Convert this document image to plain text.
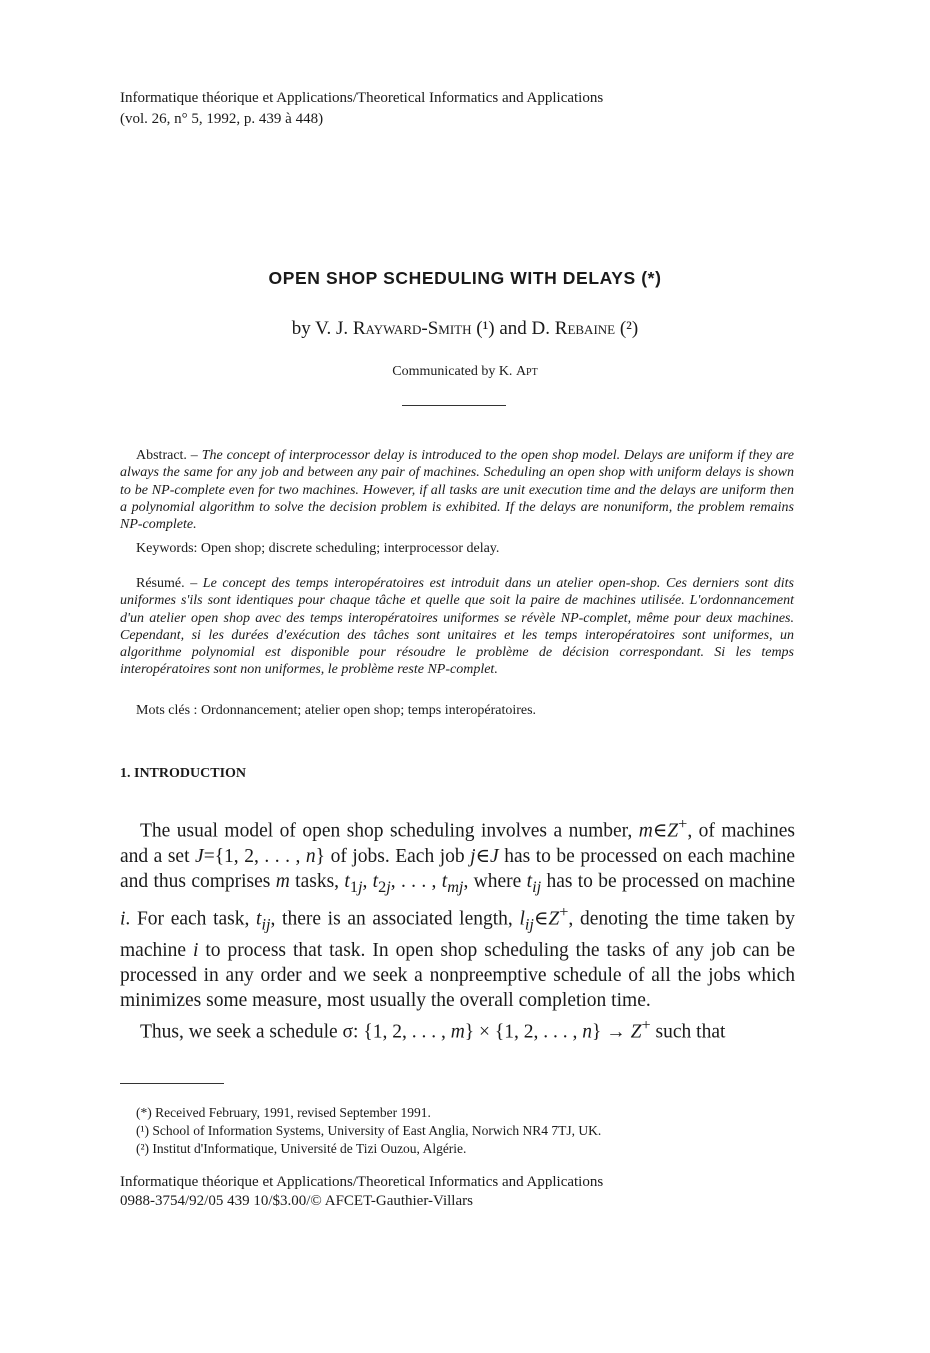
Informatique théorique et Applications/Theoretical Informatics and Applications
(vol. 26, n° 5, 1992, p. 439 à 448)
OPEN SHOP SCHEDULING WITH DELAYS (*)
by V. J. Rayward-Smith (¹) and D. Rebaine (²)
Communicated by K. Apt
Abstract. – The concept of interprocessor delay is introduced to the open shop model. Delays are uniform if they are always the same for any job and between any pair of machines. Scheduling an open shop with uniform delays is shown to be NP-complete even for two machines. However, if all tasks are unit execution time and the delays are uniform then a polynomial algorithm to solve the decision problem is exhibited. If the delays are nonuniform, the problem remains NP-complete.
Keywords: Open shop; discrete scheduling; interprocessor delay.
Résumé. – Le concept des temps interopératoires est introduit dans un atelier open-shop. Ces derniers sont dits uniformes s'ils sont identiques pour chaque tâche et quelle que soit la paire de machines utilisée. L'ordonnancement d'un atelier open shop avec des temps interopératoires uniformes se révèle NP-complet, même pour deux machines. Cependant, si les durées d'exécution des tâches sont unitaires et les temps interopératoires sont uniformes, un algorithme polynomial est disponible pour résoudre le problème de décision correspondant. Si les temps interopératoires sont non uniformes, le problème reste NP-complet.
Mots clés : Ordonnancement; atelier open shop; temps interopératoires.
1. INTRODUCTION

The usual model of open shop scheduling involves a number, m∈Z+, of machines and a set J={1, 2, . . . , n} of jobs. Each job j∈J has to be processed on each machine and thus comprises m tasks, $t_{1j}$, $t_{2j}$, . . . , $t_{mj}$, where $t_{ij}$ has to be processed on machine i. For each task, $t_{ij}$, there is an associated length, $l_{ij}\in Z^+$, denoting the time taken by machine i to process that task. In open shop scheduling the tasks of any job can be processed in any order and we seek a nonpreemptive schedule of all the jobs which minimizes some measure, most usually the overall completion time.

Thus, we seek a schedule σ: {1, 2, . . . , m} × {1, 2, . . . , n} → Z+ such that

(*) Received February, 1991, revised September 1991.
(¹) School of Information Systems, University of East Anglia, Norwich NR4 7TJ, UK.
(²) Institut d'Informatique, Université de Tizi Ouzou, Algérie.
Informatique théorique et Applications/Theoretical Informatics and Applications
0988-3754/92/05 439 10/$3.00/© AFCET-Gauthier-Villars
